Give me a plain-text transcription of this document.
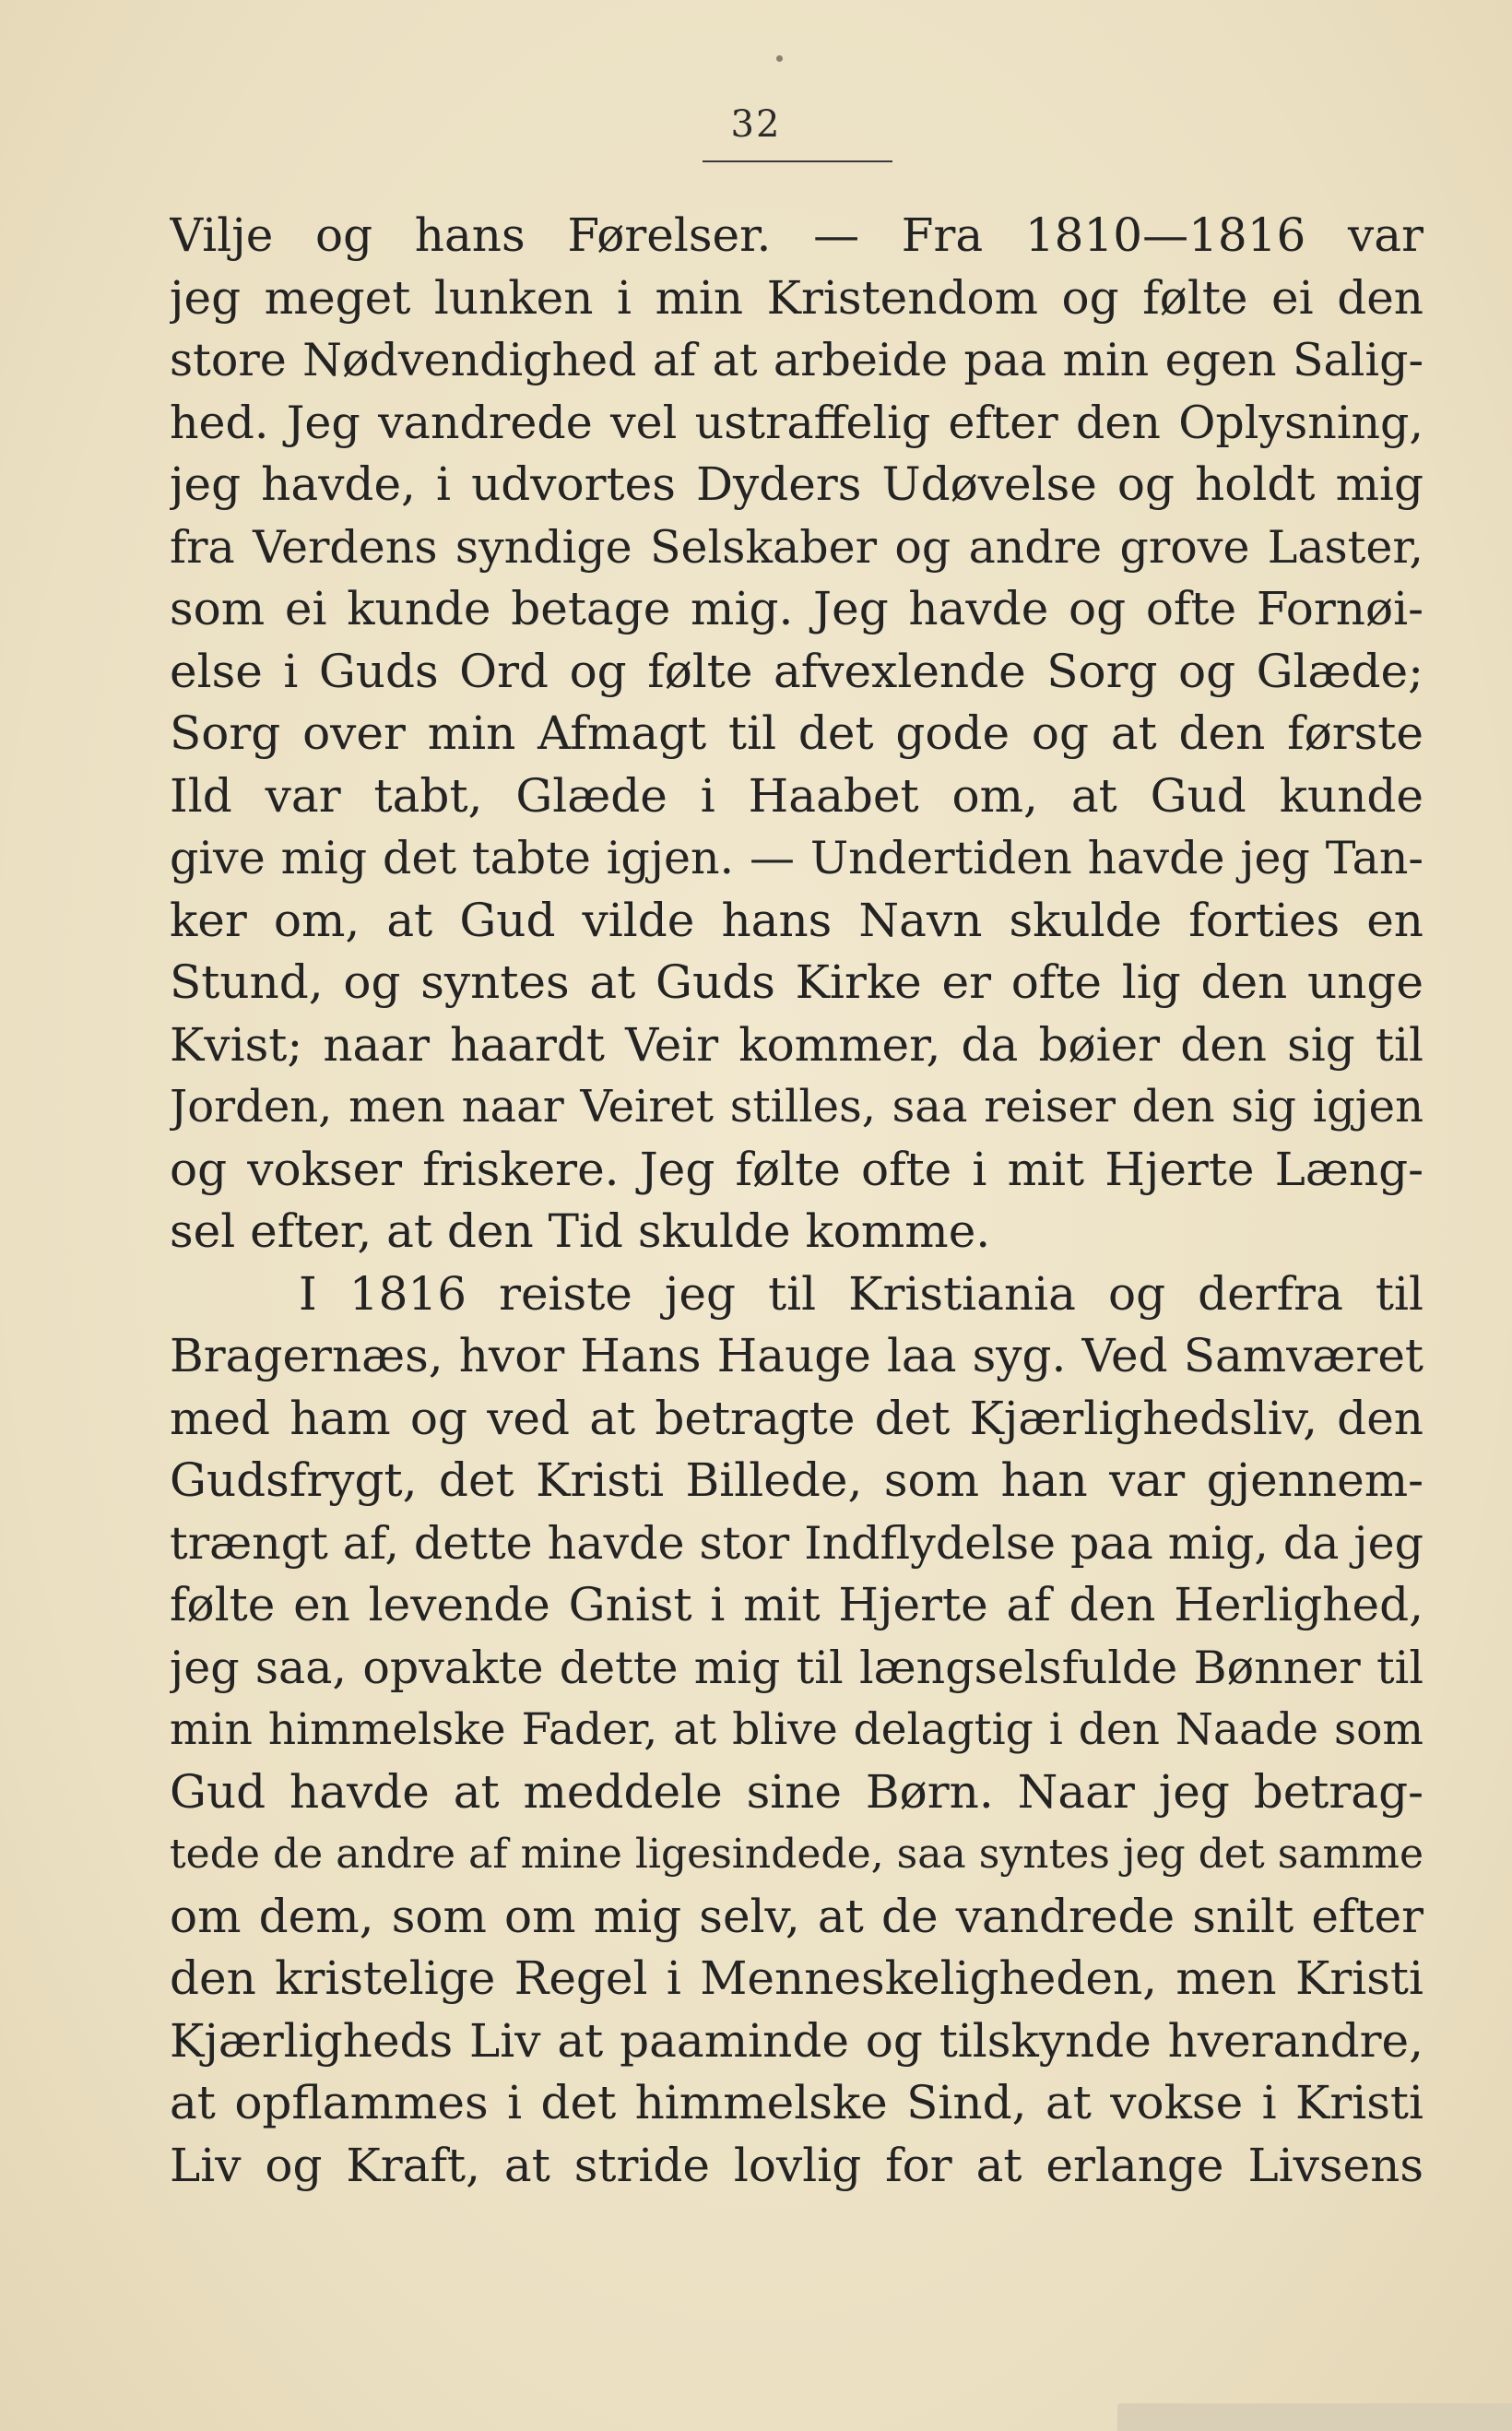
32
Vilje og hans Førelser. — Fra 1810—1816 var
jeg meget lunken i min Kristendom og følte ei den
store Nødvendighed af at arbeide paa min egen Salig-
hed. Jeg vandrede vel ustraffelig efter den Oplysning,
jeg havde, i udvortes Dyders Udøvelse og holdt mig
fra Verdens syndige Selskaber og andre grove Laster,
som ei kunde betage mig. Jeg havde og ofte Fornøi-
else i Guds Ord og følte afvexlende Sorg og Glæde;
Sorg over min Afmagt til det gode og at den første
Ild var tabt, Glæde i Haabet om, at Gud kunde
give mig det tabte igjen. — Undertiden havde jeg Tan-
ker om, at Gud vilde hans Navn skulde forties en
Stund, og syntes at Guds Kirke er ofte lig den unge
Kvist; naar haardt Veir kommer, da bøier den sig til
Jorden, men naar Veiret stilles, saa reiser den sig igjen
og vokser friskere. Jeg følte ofte i mit Hjerte Læng-
sel efter, at den Tid skulde komme.
I 1816 reiste jeg til Kristiania og derfra til
Bragernæs, hvor Hans Hauge laa syg. Ved Samværet
med ham og ved at betragte det Kjærlighedsliv, den
Gudsfrygt, det Kristi Billede, som han var gjennem-
trængt af, dette havde stor Indflydelse paa mig, da jeg
følte en levende Gnist i mit Hjerte af den Herlighed,
jeg saa, opvakte dette mig til længselsfulde Bønner til
min himmelske Fader, at blive delagtig i den Naade som
Gud havde at meddele sine Børn. Naar jeg betrag-
tede de andre af mine ligesindede, saa syntes jeg det samme
om dem, som om mig selv, at de vandrede snilt efter
den kristelige Regel i Menneskeligheden, men Kristi
Kjærligheds Liv at paaminde og tilskynde hverandre,
at opflammes i det himmelske Sind, at vokse i Kristi
Liv og Kraft, at stride lovlig for at erlange Livsens
